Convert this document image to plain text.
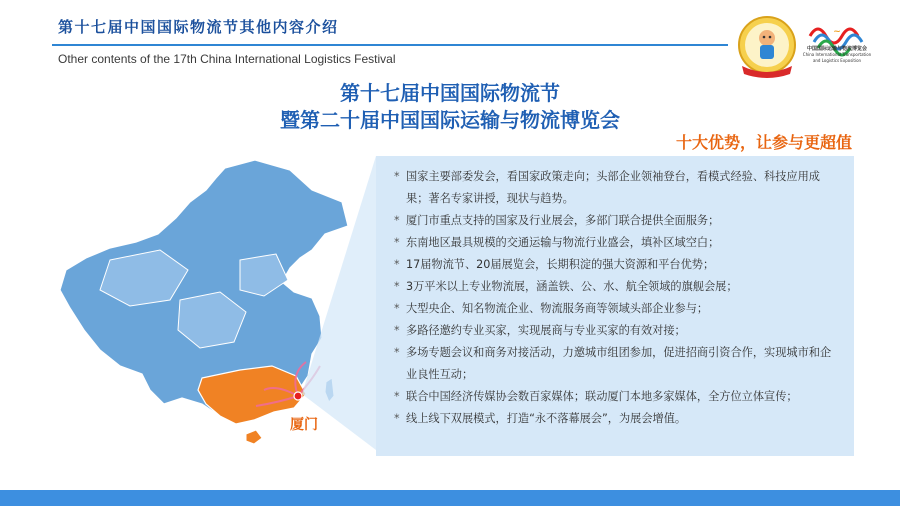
第十七届中国国际物流节其他内容介绍
Other contents of the 17th China International Logistics Festival
~
中国国际运输与物流博览会
China International Transportation and Logistics Exposition
第十七届中国国际物流节
暨第二十届中国国际运输与物流博览会
十大优势，让参与更超值
厦门
* 国家主要部委发会，看国家政策走向；头部企业领袖登台，看模式经验、科技应用成果；著名专家讲授，现状与趋势。
* 厦门市重点支持的国家及行业展会，多部门联合提供全面服务；
* 东南地区最具规模的交通运输与物流行业盛会，填补区域空白；
* 17届物流节、20届展览会，长期积淀的强大资源和平台优势；
* 3万平米以上专业物流展，涵盖铁、公、水、航全领域的旗舰会展；
* 大型央企、知名物流企业、物流服务商等领域头部企业参与；
* 多路径邀约专业买家，实现展商与专业买家的有效对接；
* 多场专题会议和商务对接活动，力邀城市组团参加，促进招商引资合作，实现城市和企业良性互动；
* 联合中国经济传媒协会数百家媒体；联动厦门本地多家媒体，全方位立体宣传；
* 线上线下双展模式，打造“永不落幕展会”，为展会增值。
